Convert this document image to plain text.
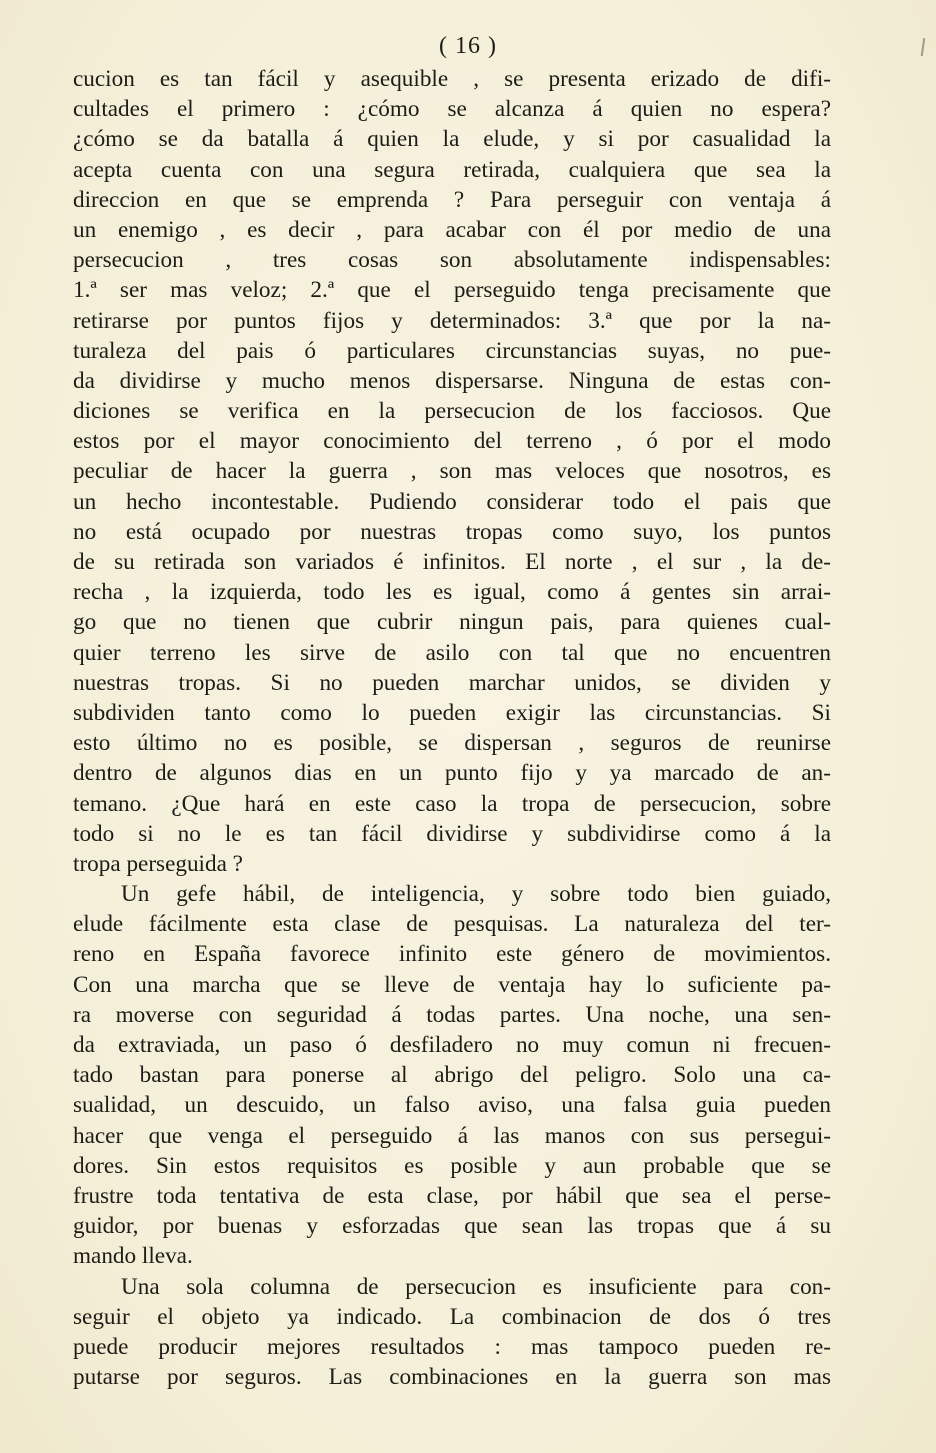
( 16 )
cucion es tan fácil y asequible , se presenta erizado de difi-
cultades el primero : ¿cómo se alcanza á quien no espera?
¿cómo se da batalla á quien la elude, y si por casualidad la
acepta cuenta con una segura retirada, cualquiera que sea la
direccion en que se emprenda ? Para perseguir con ventaja á
un enemigo , es decir , para acabar con él por medio de una
persecucion , tres cosas son absolutamente indispensables:
1.ª ser mas veloz; 2.ª que el perseguido tenga precisamente que
retirarse por puntos fijos y determinados: 3.ª que por la na-
turaleza del pais ó particulares circunstancias suyas, no pue-
da dividirse y mucho menos dispersarse. Ninguna de estas con-
diciones se verifica en la persecucion de los facciosos. Que
estos por el mayor conocimiento del terreno , ó por el modo
peculiar de hacer la guerra , son mas veloces que nosotros, es
un hecho incontestable. Pudiendo considerar todo el pais que
no está ocupado por nuestras tropas como suyo, los puntos
de su retirada son variados é infinitos. El norte , el sur , la de-
recha , la izquierda, todo les es igual, como á gentes sin arrai-
go que no tienen que cubrir ningun pais, para quienes cual-
quier terreno les sirve de asilo con tal que no encuentren
nuestras tropas. Si no pueden marchar unidos, se dividen y
subdividen tanto como lo pueden exigir las circunstancias. Si
esto último no es posible, se dispersan , seguros de reunirse
dentro de algunos dias en un punto fijo y ya marcado de an-
temano. ¿Que hará en este caso la tropa de persecucion, sobre
todo si no le es tan fácil dividirse y subdividirse como á la
tropa perseguida ?
Un gefe hábil, de inteligencia, y sobre todo bien guiado,
elude fácilmente esta clase de pesquisas. La naturaleza del ter-
reno en España favorece infinito este género de movimientos.
Con una marcha que se lleve de ventaja hay lo suficiente pa-
ra moverse con seguridad á todas partes. Una noche, una sen-
da extraviada, un paso ó desfiladero no muy comun ni frecuen-
tado bastan para ponerse al abrigo del peligro. Solo una ca-
sualidad, un descuido, un falso aviso, una falsa guia pueden
hacer que venga el perseguido á las manos con sus persegui-
dores. Sin estos requisitos es posible y aun probable que se
frustre toda tentativa de esta clase, por hábil que sea el perse-
guidor, por buenas y esforzadas que sean las tropas que á su
mando lleva.
Una sola columna de persecucion es insuficiente para con-
seguir el objeto ya indicado. La combinacion de dos ó tres
puede producir mejores resultados : mas tampoco pueden re-
putarse por seguros. Las combinaciones en la guerra son mas
